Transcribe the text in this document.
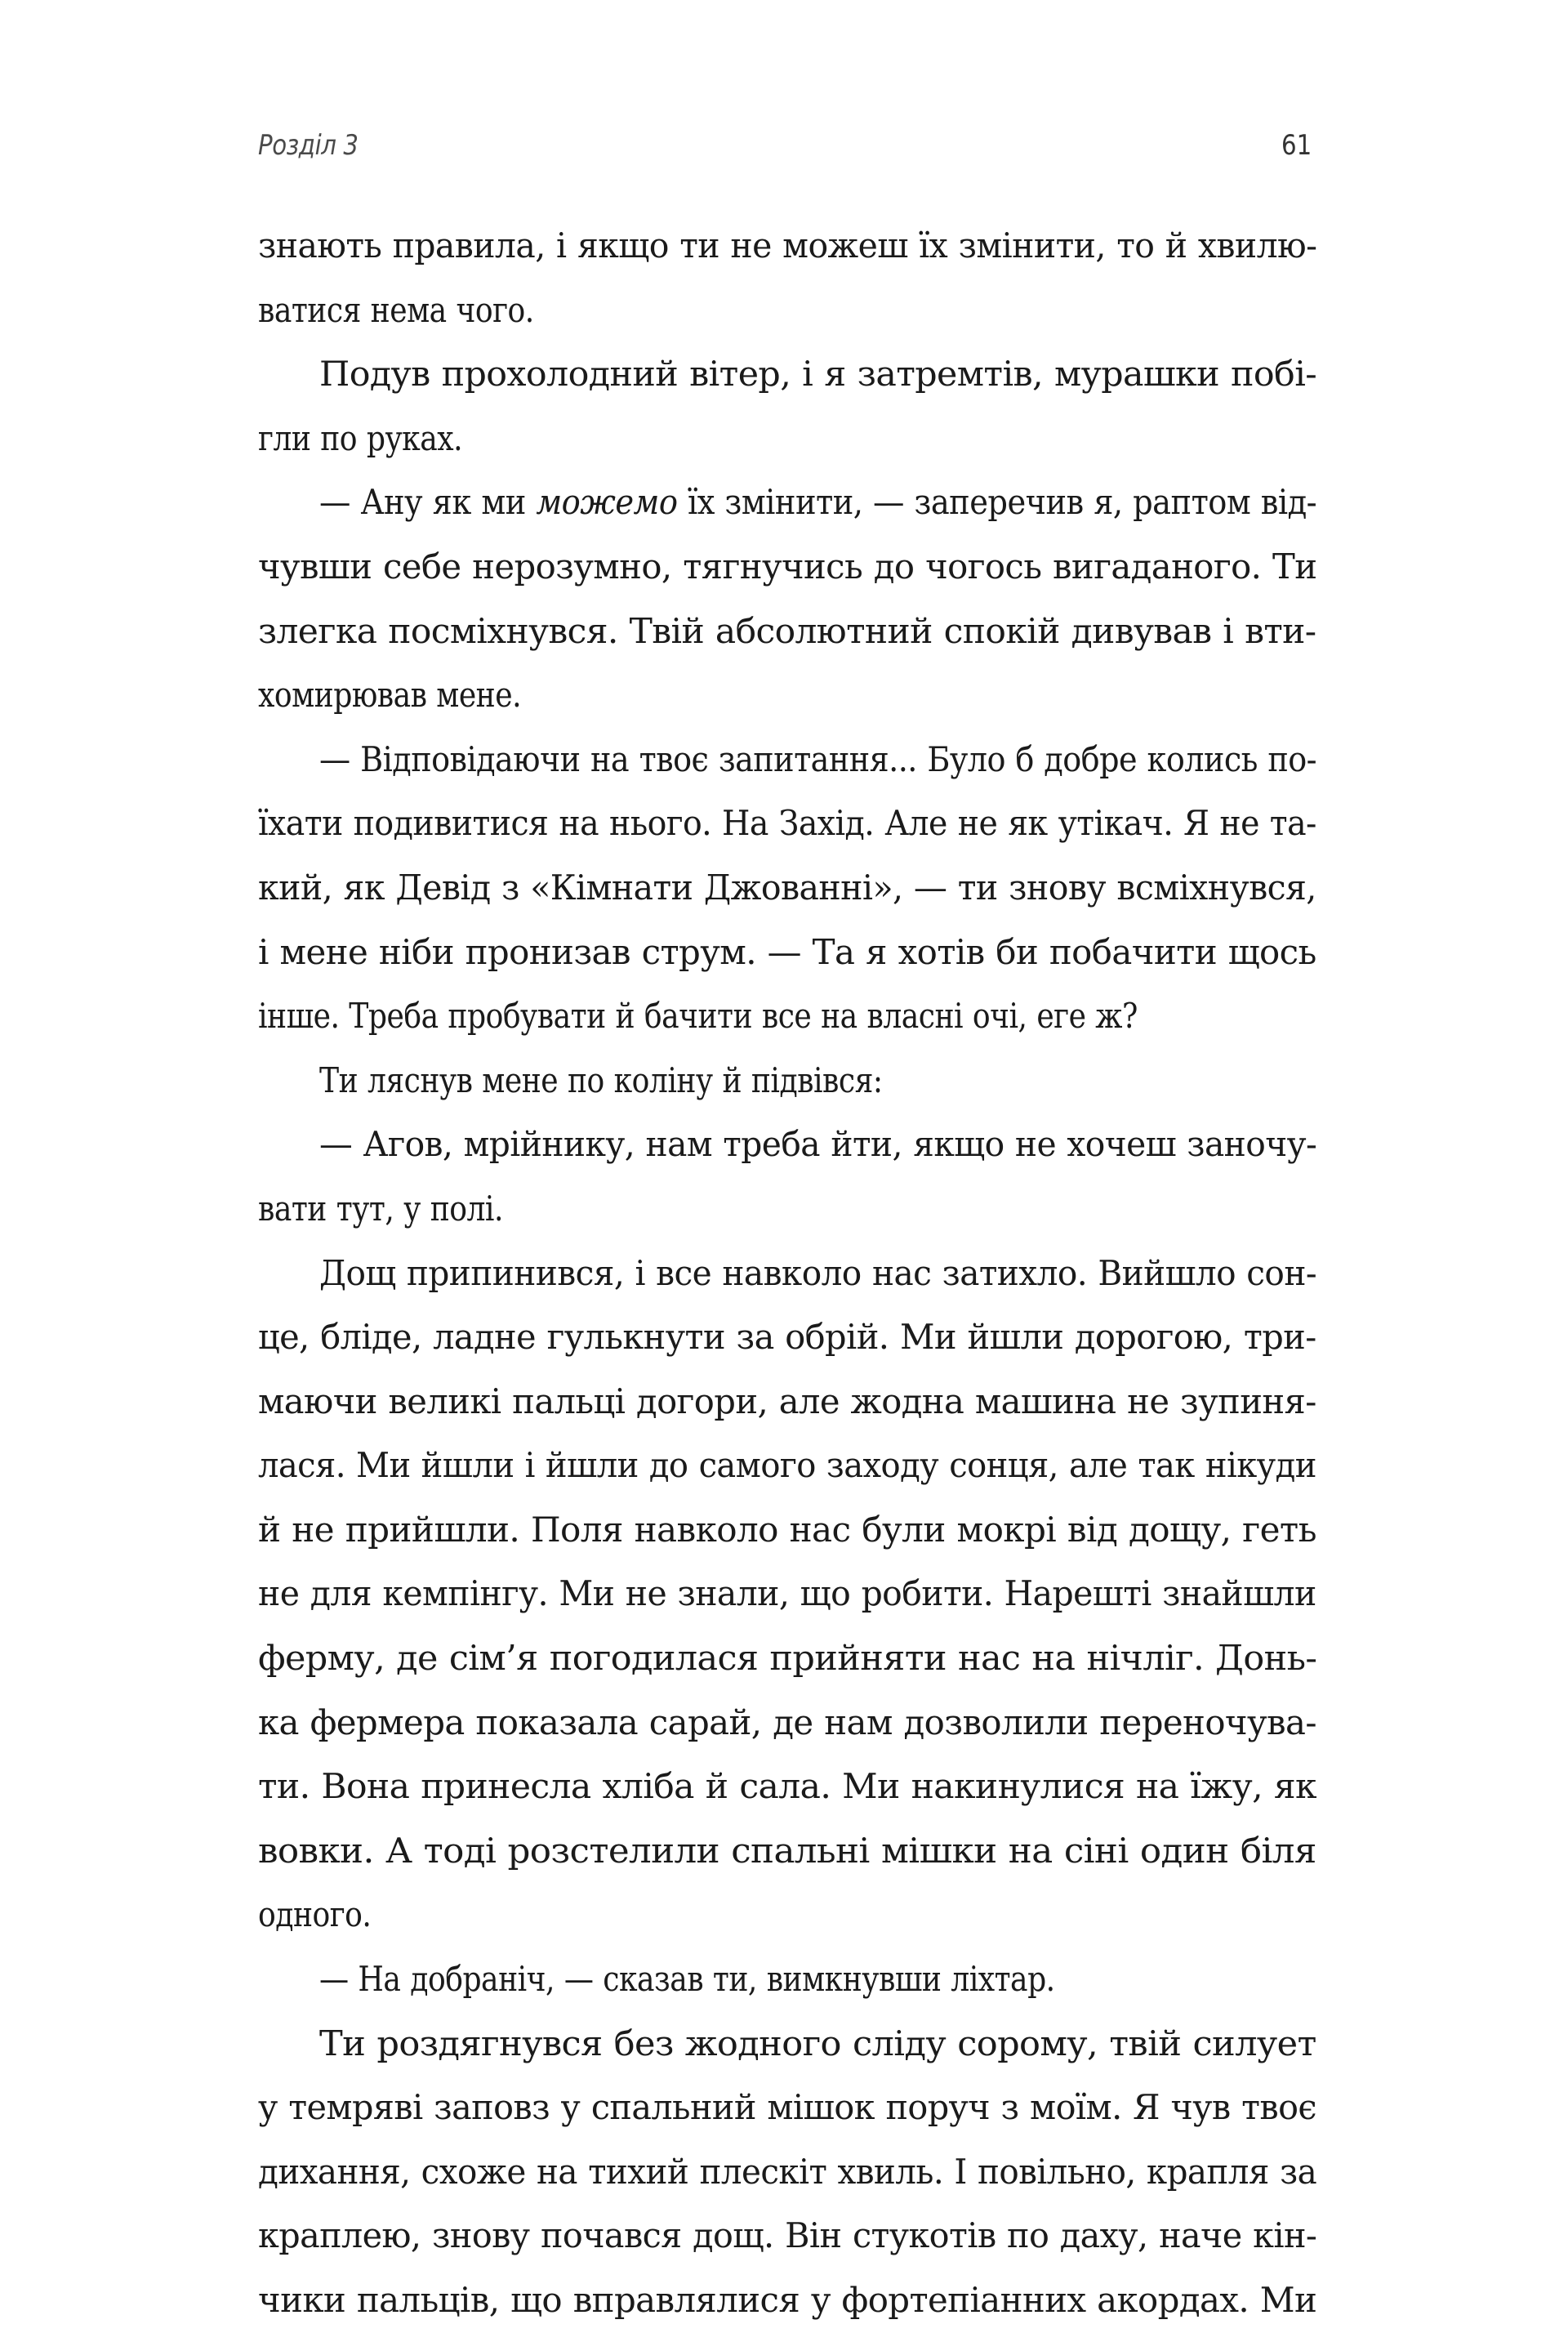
Розділ 3	61
знають правила, і якщо ти не можеш їх змінити, то й хвилю-
ватися нема чого.
Подув прохолодний вітер, і я затремтів, мурашки побі-
гли по руках.
— Ану як ми можемо їх змінити, — заперечив я, раптом від-
чувши себе нерозумно, тягнучись до чогось вигаданого. Ти
злегка посміхнувся. Твій абсолютний спокій дивував і вти-
хомирював мене.
— Відповідаючи на твоє запитання... Було б добре колись по-
їхати подивитися на нього. На Захід. Але не як утікач. Я не та-
кий, як Девід з «Кімнати Джованні», — ти знову всміхнувся,
і мене ніби пронизав струм. — Та я хотів би побачити щось
інше. Треба пробувати й бачити все на власні очі, еге ж?
Ти ляснув мене по коліну й підвівся:
— Агов, мрійнику, нам треба йти, якщо не хочеш заночу-
вати тут, у полі.
Дощ припинився, і все навколо нас затихло. Вийшло сон-
це, бліде, ладне гулькнути за обрій. Ми йшли дорогою, три-
маючи великі пальці догори, але жодна машина не зупиня-
лася. Ми йшли і йшли до самого заходу сонця, але так нікуди
й не прийшли. Поля навколо нас були мокрі від дощу, геть
не для кемпінгу. Ми не знали, що робити. Нарешті знайшли
ферму, де сім’я погодилася прийняти нас на нічліг. Донь-
ка фермера показала сарай, де нам дозволили переночува-
ти. Вона принесла хліба й сала. Ми накинулися на їжу, як
вовки. А тоді розстелили спальні мішки на сіні один біля
одного.
— На добраніч, — сказав ти, вимкнувши ліхтар.
Ти роздягнувся без жодного сліду сорому, твій силует
у темряві заповз у спальний мішок поруч з моїм. Я чув твоє
дихання, схоже на тихий плескіт хвиль. І повільно, крапля за
краплею, знову почався дощ. Він стукотів по даху, наче кін-
чики пальців, що вправлялися у фортепіанних акордах. Ми
